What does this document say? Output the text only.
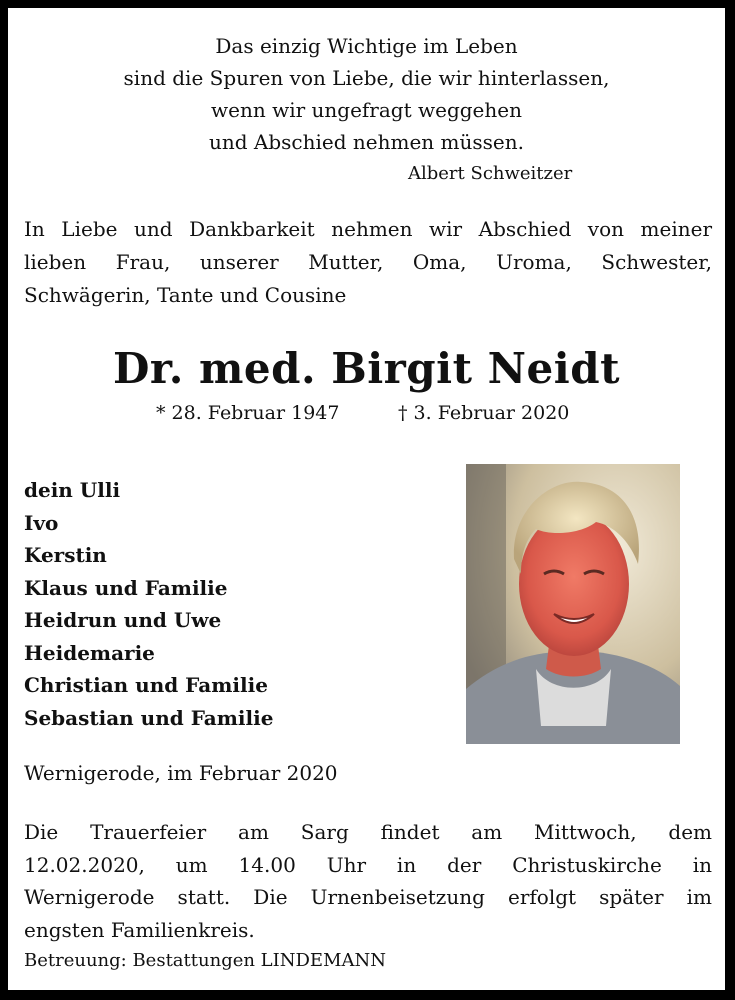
Das einzig Wichtige im Leben
sind die Spuren von Liebe, die wir hinterlassen,
wenn wir ungefragt weggehen
und Abschied nehmen müssen.
Albert Schweitzer
In Liebe und Dankbarkeit nehmen wir Abschied von meiner
lieben Frau, unserer Mutter, Oma, Uroma, Schwester,
Schwägerin, Tante und Cousine
Dr. med. Birgit Neidt
* 28. Februar 1947	† 3. Februar 2020
dein Ulli
Ivo
Kerstin
Klaus und Familie
Heidrun und Uwe
Heidemarie
Christian und Familie
Sebastian und Familie
Wernigerode, im Februar 2020
Die Trauerfeier am Sarg findet am Mittwoch, dem
12.02.2020, um 14.00 Uhr in der Christuskirche in
Wernigerode statt. Die Urnenbeisetzung erfolgt später im
engsten Familienkreis.
Betreuung: Bestattungen LINDEMANN
